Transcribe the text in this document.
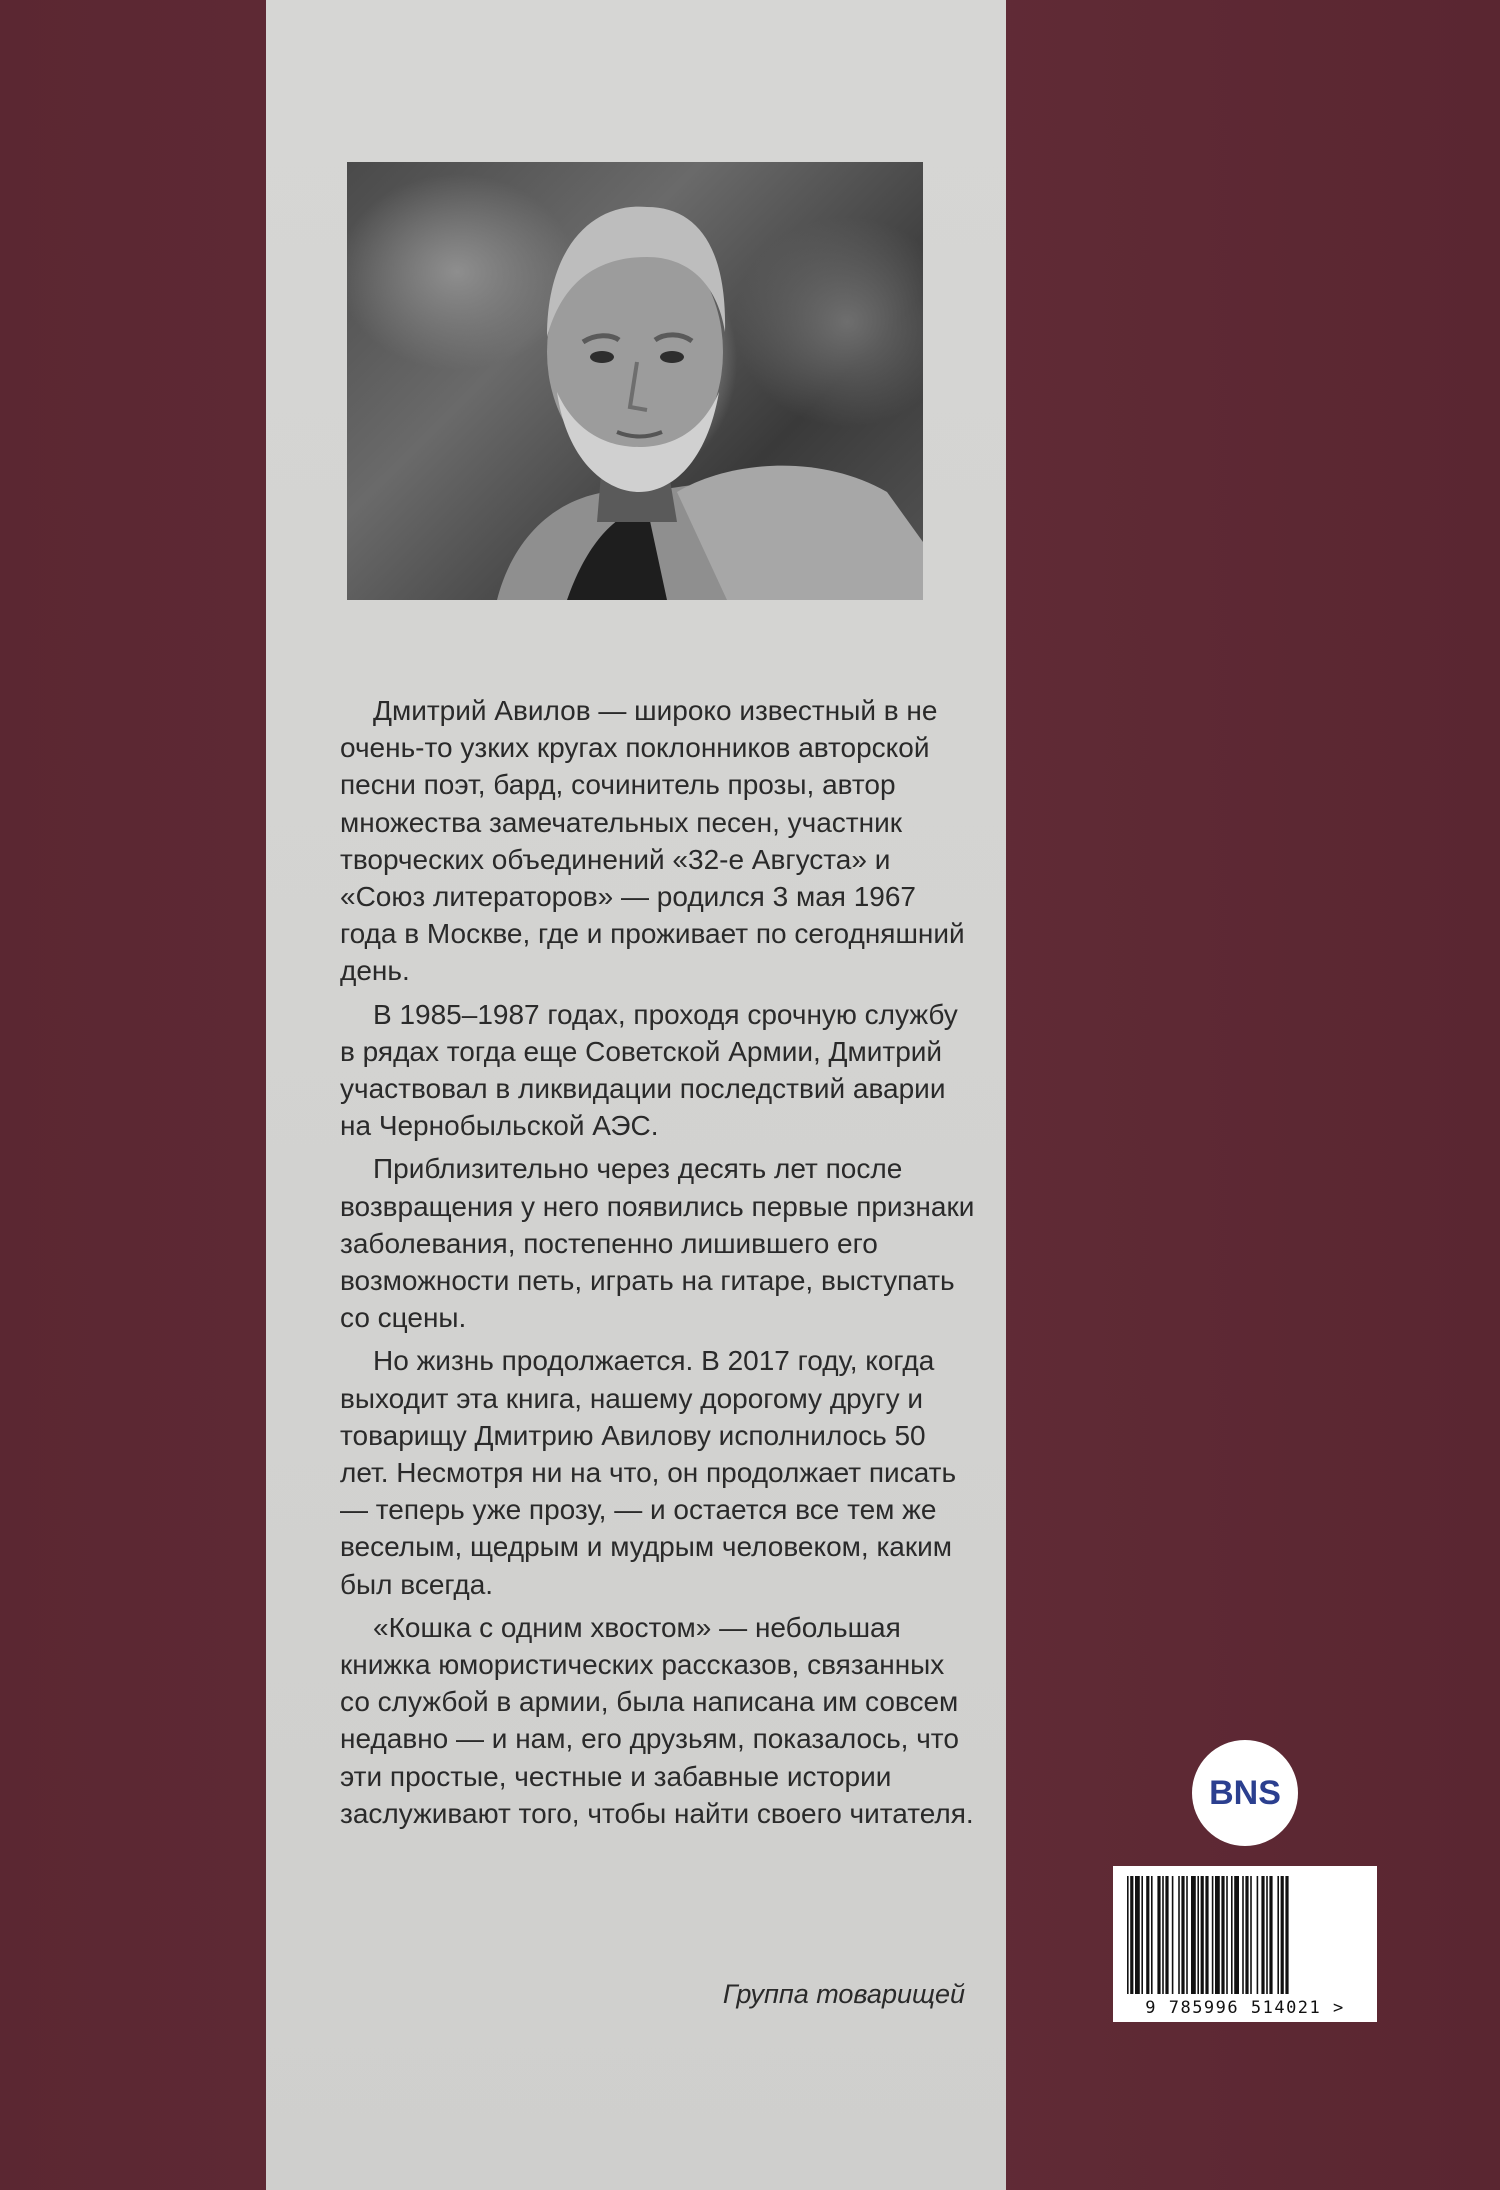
Дмитрий Авилов — широко известный в не очень-то узких кругах поклонников авторской песни поэт, бард, сочинитель прозы, автор множества замечательных песен, участник творческих объединений «32-е Августа» и «Союз литераторов» — родился 3 мая 1967 года в Москве, где и проживает по сегодняшний день.

В 1985–1987 годах, проходя срочную службу в рядах тогда еще Советской Армии, Дмитрий участвовал в ликвидации последствий аварии на Чернобыльской АЭС.

Приблизительно через десять лет после возвращения у него появились первые признаки заболевания, постепенно лишившего его возможности петь, играть на гитаре, выступать со сцены.

Но жизнь продолжается. В 2017 году, когда выходит эта книга, нашему дорогому другу и товарищу Дмитрию Авилову исполнилось 50 лет. Несмотря ни на что, он продолжает писать — теперь уже прозу, — и остается все тем же веселым, щедрым и мудрым человеком, каким был всегда.

«Кошка с одним хвостом» — небольшая книжка юмористических рассказов, связанных со службой в армии, была написана им совсем недавно — и нам, его друзьям, показалось, что эти простые, честные и забавные истории заслуживают того, чтобы найти своего читателя.

Группа товарищей
BNS
9 785996 514021 >
